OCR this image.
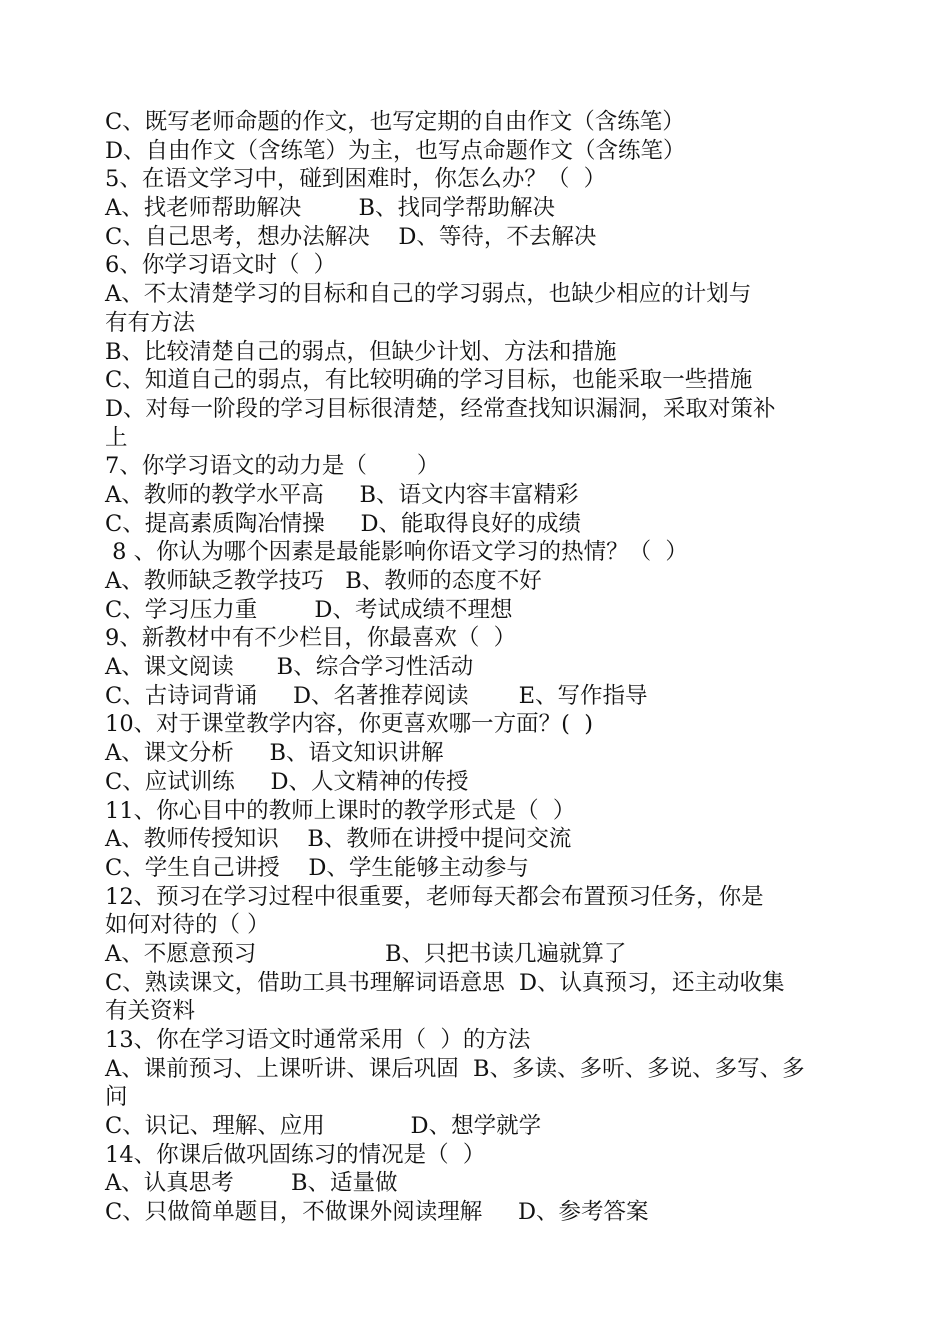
C、既写老师命题的作文，也写定期的自由作文（含练笔）
D、自由作文（含练笔）为主，也写点命题作文（含练笔）
5、在语文学习中，碰到困难时，你怎么办？（  ）
A、找老师帮助解决        B、找同学帮助解决
C、自己思考，想办法解决    D、等待，不去解决
6、你学习语文时（  ）
A、不太清楚学习的目标和自己的学习弱点，也缺少相应的计划与
有有方法
B、比较清楚自己的弱点，但缺少计划、方法和措施
C、知道自己的弱点，有比较明确的学习目标，也能采取一些措施
D、对每一阶段的学习目标很清楚，经常查找知识漏洞，采取对策补
上
7、你学习语文的动力是（       ）
A、教师的教学水平高     B、语文内容丰富精彩
C、提高素质陶冶情操     D、能取得良好的成绩
8 、你认为哪个因素是最能影响你语文学习的热情？（  ）
A、教师缺乏教学技巧   B、教师的态度不好
C、学习压力重        D、考试成绩不理想
9、新教材中有不少栏目，你最喜欢（  ）
A、课文阅读      B、综合学习性活动
C、古诗词背诵     D、名著推荐阅读       E、写作指导
10、对于课堂教学内容，你更喜欢哪一方面？(  )
A、课文分析     B、语文知识讲解
C、应试训练     D、人文精神的传授
11、你心目中的教师上课时的教学形式是（  ）
A、教师传授知识    B、教师在讲授中提问交流
C、学生自己讲授    D、学生能够主动参与
12、预习在学习过程中很重要，老师每天都会布置预习任务，你是
如何对待的（ ）
A、不愿意预习                  B、只把书读几遍就算了
C、熟读课文，借助工具书理解词语意思  D、认真预习，还主动收集
有关资料
13、你在学习语文时通常采用（  ）的方法
A、课前预习、上课听讲、课后巩固  B、多读、多听、多说、多写、多
问
C、识记、理解、应用            D、想学就学
14、你课后做巩固练习的情况是（  ）
A、认真思考        B、适量做
C、只做简单题目，不做课外阅读理解     D、参考答案
